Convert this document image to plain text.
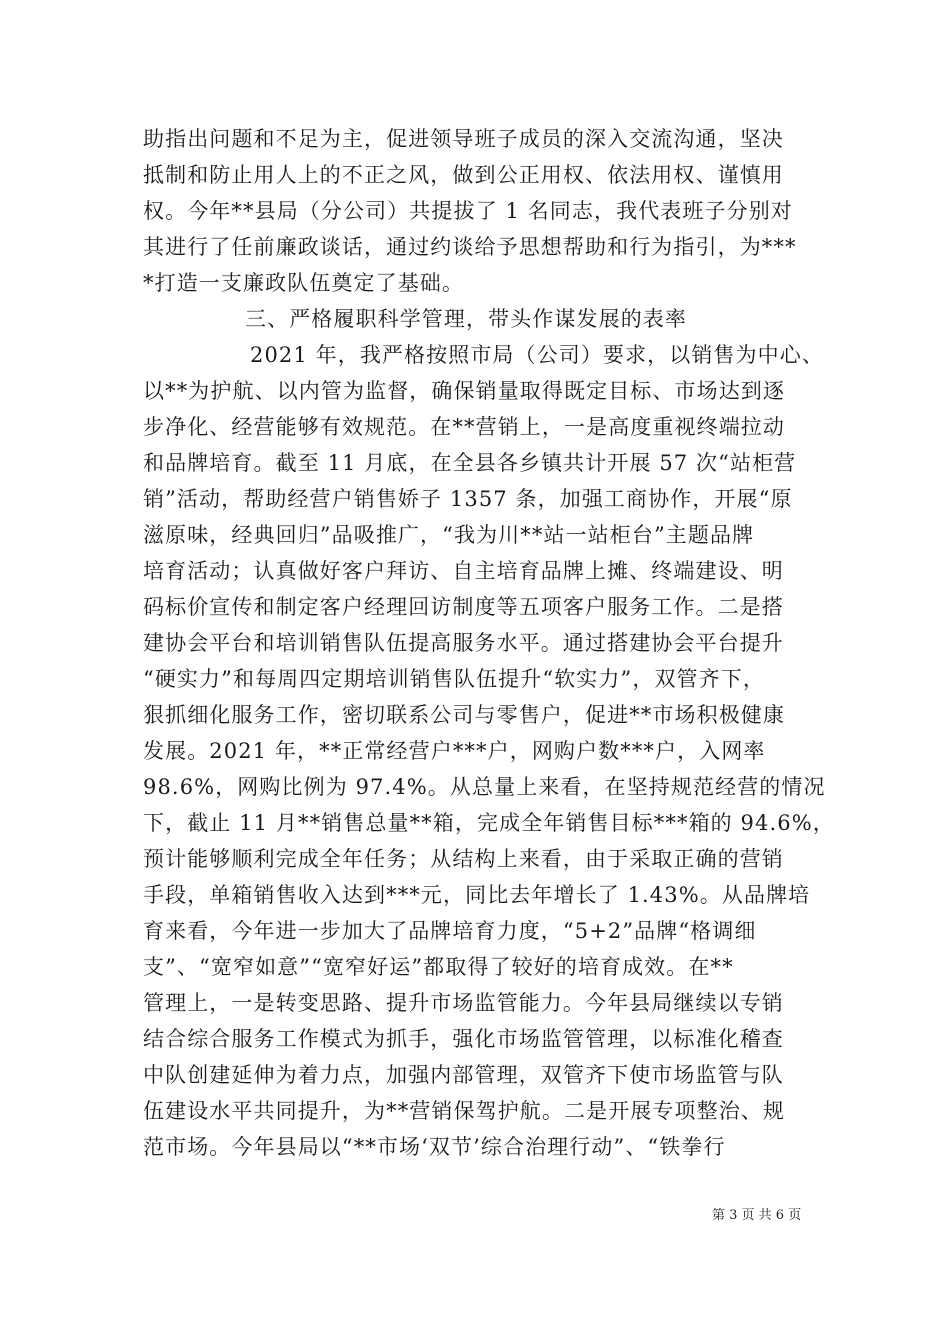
助指出问题和不足为主，促进领导班子成员的深入交流沟通，坚决
抵制和防止用人上的不正之风，做到公正用权、依法用权、谨慎用
权。今年**县局（分公司）共提拔了 1 名同志，我代表班子分别对
其进行了任前廉政谈话，通过约谈给予思想帮助和行为指引，为***
*打造一支廉政队伍奠定了基础。
三、严格履职科学管理，带头作谋发展的表率
2021 年，我严格按照市局（公司）要求，以销售为中心、
以**为护航、以内管为监督，确保销量取得既定目标、市场达到逐
步净化、经营能够有效规范。在**营销上，一是高度重视终端拉动
和品牌培育。截至 11 月底，在全县各乡镇共计开展 57 次“站柜营
销”活动，帮助经营户销售娇子 1357 条，加强工商协作，开展“原
滋原味，经典回归”品吸推广，“我为川**站一站柜台”主题品牌
培育活动；认真做好客户拜访、自主培育品牌上摊、终端建设、明
码标价宣传和制定客户经理回访制度等五项客户服务工作。二是搭
建协会平台和培训销售队伍提高服务水平。通过搭建协会平台提升
“硬实力”和每周四定期培训销售队伍提升“软实力”，双管齐下，
狠抓细化服务工作，密切联系公司与零售户，促进**市场积极健康
发展。2021 年，**正常经营户***户，网购户数***户，入网率
98.6%，网购比例为 97.4%。从总量上来看，在坚持规范经营的情况
下，截止 11 月**销售总量**箱，完成全年销售目标***箱的 94.6%，
预计能够顺利完成全年任务；从结构上来看，由于采取正确的营销
手段，单箱销售收入达到***元，同比去年增长了 1.43%。从品牌培
育来看，今年进一步加大了品牌培育力度，“5+2”品牌“格调细
支”、“宽窄如意”“宽窄好运”都取得了较好的培育成效。在**
管理上，一是转变思路、提升市场监管能力。今年县局继续以专销
结合综合服务工作模式为抓手，强化市场监管管理，以标准化稽查
中队创建延伸为着力点，加强内部管理，双管齐下使市场监管与队
伍建设水平共同提升，为**营销保驾护航。二是开展专项整治、规
范市场。今年县局以“**市场‘双节’综合治理行动”、“铁拳行
第 3 页 共 6 页
